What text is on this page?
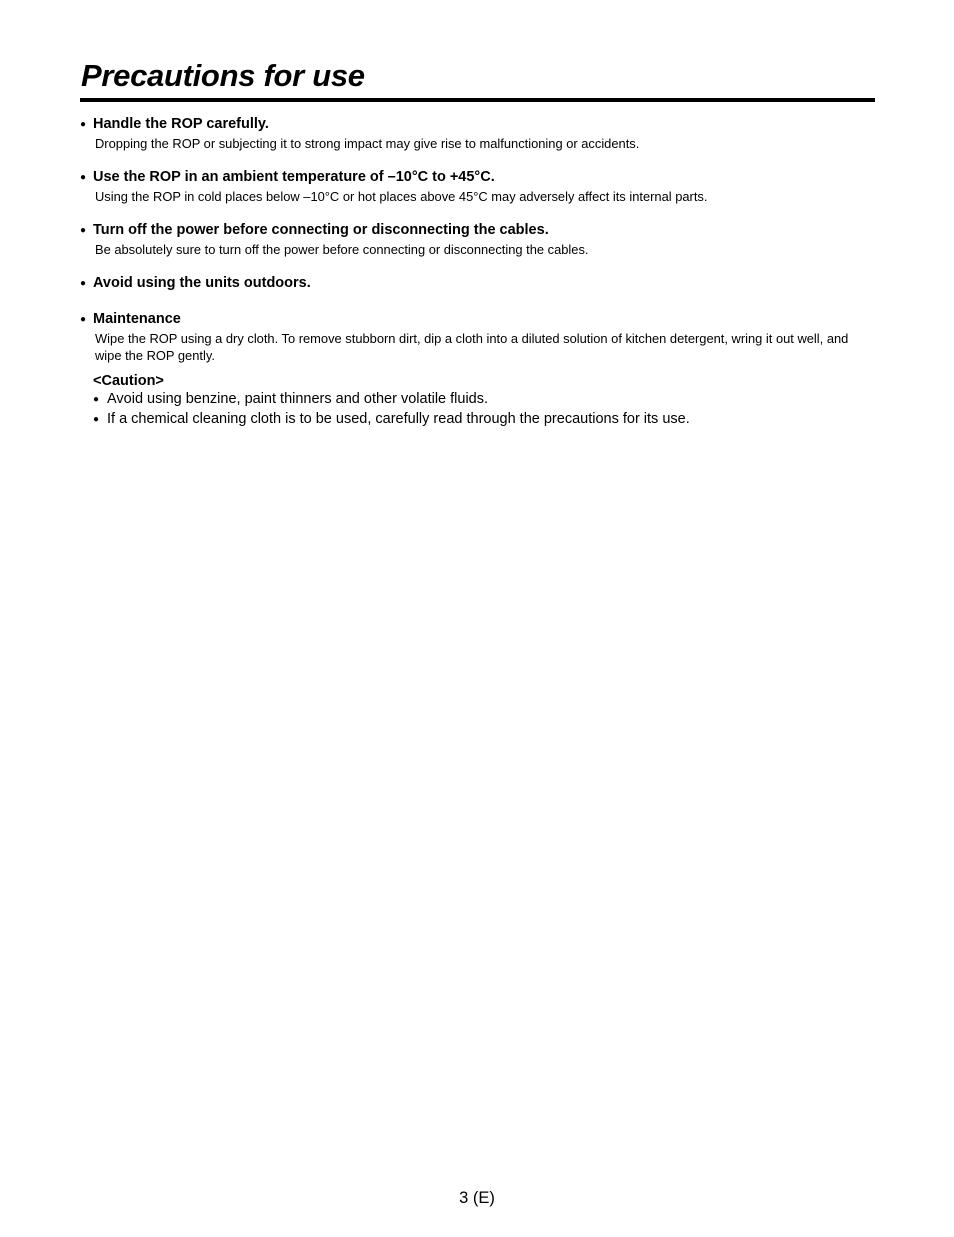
Precautions for use

● Handle the ROP carefully.

Dropping the ROP or subjecting it to strong impact may give rise to malfunctioning or accidents.

● Use the ROP in an ambient temperature of –10°C to +45°C.

Using the ROP in cold places below –10°C or hot places above 45°C may adversely affect its internal parts.

● Turn off the power before connecting or disconnecting the cables.

Be absolutely sure to turn off the power before connecting or disconnecting the cables.

● Avoid using the units outdoors.

● Maintenance

Wipe the ROP using a dry cloth. To remove stubborn dirt, dip a cloth into a diluted solution of kitchen detergent, wring it out well, and wipe the ROP gently.

<Caution>

● Avoid using benzine, paint thinners and other volatile fluids.
● If a chemical cleaning cloth is to be used, carefully read through the precautions for its use.
3 (E)
